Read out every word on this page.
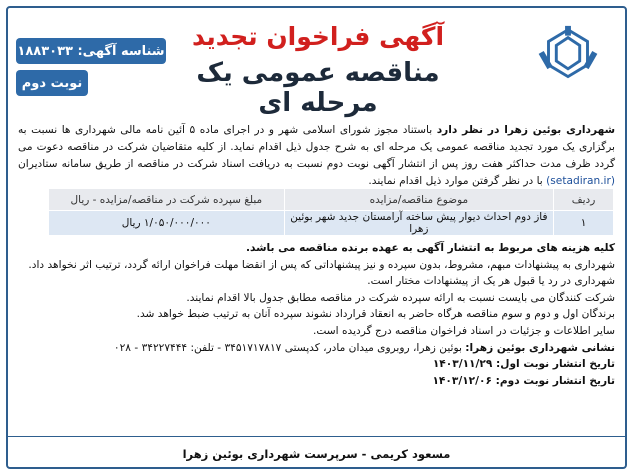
آگهی فراخوان تجدید
مناقصه عمومی یک مرحله ای
شناسه آگهی: ۱۸۸۳۰۳۳
نوبت دوم
شهرداری بوئین زهرا در نظر دارد باستناد مجوز شورای اسلامی شهر و در اجرای ماده ۵ آئین نامه مالی شهرداری ها نسبت به برگزاری یک مورد تجدید مناقصه عمومی یک مرحله ای به شرح جدول ذیل اقدام نماید. از کلیه متقاضیان شرکت در مناقصه دعوت می گردد ظرف مدت حداکثر هفت روز پس از انتشار آگهی نوبت دوم نسبت به دریافت اسناد شرکت در مناقصه از طریق سامانه ستادیران (setadiran.ir) با در نظر گرفتن موارد ذیل اقدام نمایند.
ردیف	موضوع مناقصه/مزایده	مبلغ سپرده شرکت در مناقصه/مزایده - ریال
۱	فاز دوم احداث دیوار پیش ساخته آرامستان جدید شهر بوئین زهرا	۱/۰۵۰/۰۰۰/۰۰۰ ریال

کلیه هزینه های مربوط به انتشار آگهی به عهده برنده مناقصه می باشد.

شهرداری به پیشنهادات مبهم، مشروط، بدون سپرده و نیز پیشنهاداتی که پس از انقضا مهلت فراخوان ارائه گردد، ترتیب اثر نخواهد داد.

شهرداری در رد یا قبول هر یک از پیشنهادات مختار است.

شرکت کنندگان می بایست نسبت به ارائه سپرده شرکت در مناقصه مطابق جدول بالا اقدام نمایند.

برندگان اول و دوم و سوم مناقصه هرگاه حاضر به انعقاد قرارداد نشوند سپرده آنان به ترتیب ضبط خواهد شد.

سایر اطلاعات و جزئیات در اسناد فراخوان مناقصه درج گردیده است.

نشانی شهرداری بوئین زهرا: بوئین زهرا، روبروی میدان مادر، کدپستی ۳۴۵۱۷۱۷۸۱۷ - تلفن: ۳۴۲۲۷۴۴۴ - ۰۲۸

تاریخ انتشار نوبت اول: ۱۴۰۳/۱۱/۲۹

تاریخ انتشار نوبت دوم: ۱۴۰۳/۱۲/۰۶

مسعود کریمی - سرپرست شهرداری بوئین زهرا
